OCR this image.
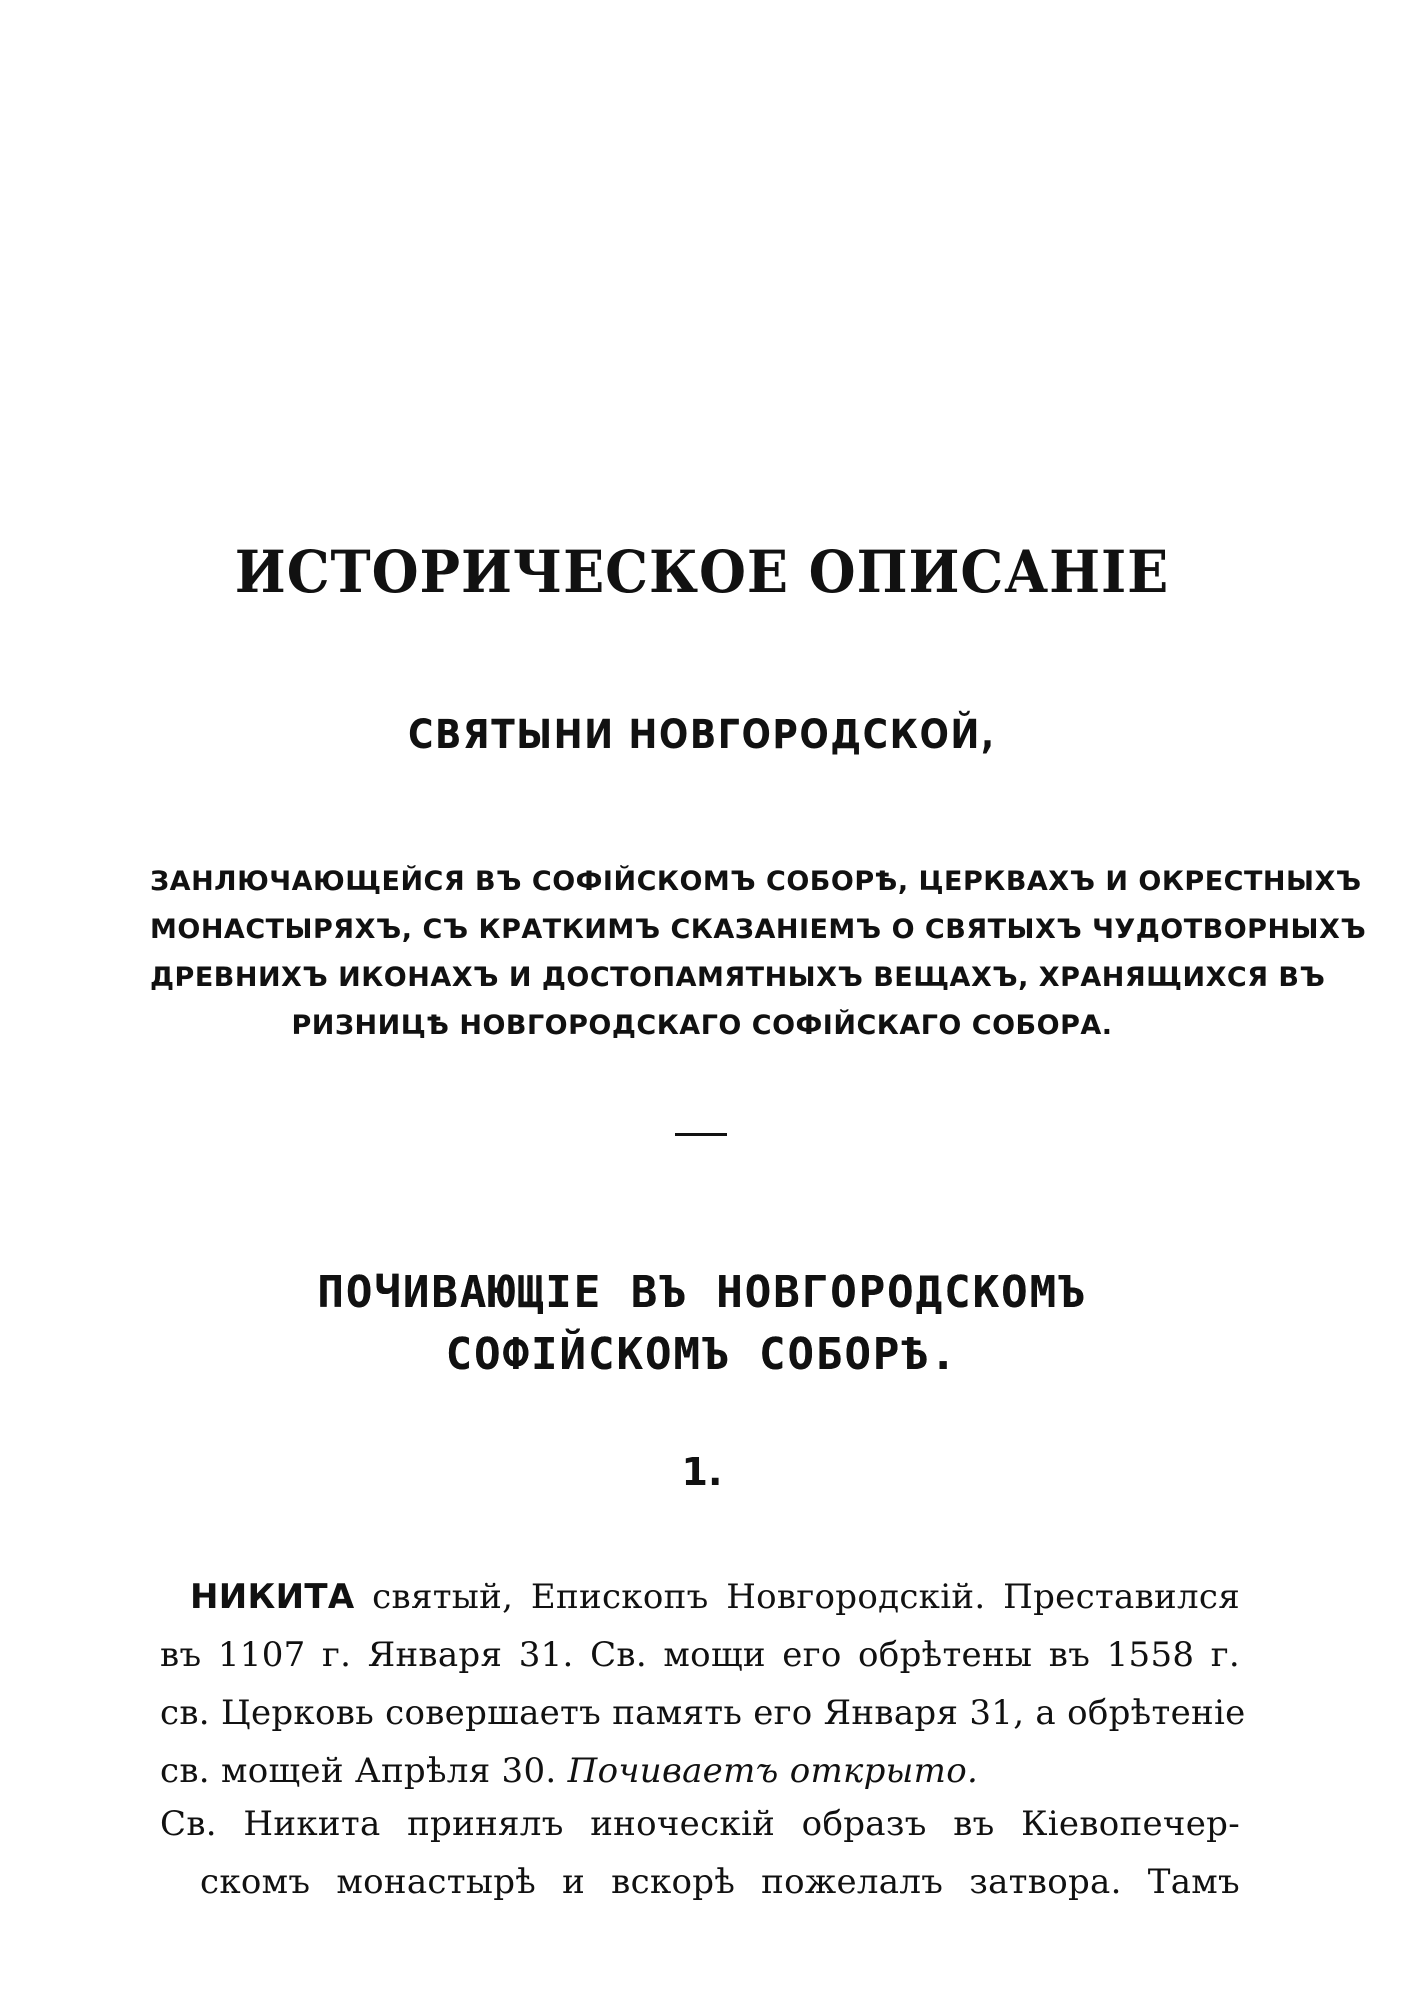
ИСТОРИЧЕСКОЕ ОПИСАНІЕ
СВЯТЫНИ НОВГОРОДСКОЙ,
ЗАНЛЮЧАЮЩЕЙСЯ ВЪ СОФІЙСКОМЪ СОБОРѢ, ЦЕРКВАХЪ И ОКРЕСТНЫХЪ
МОНАСТЫРЯХЪ, СЪ КРАТКИМЪ СКАЗАНІЕМЪ О СВЯТЫХЪ ЧУДОТВОРНЫХЪ
ДРЕВНИХЪ ИКОНАХЪ И ДОСТОПАМЯТНЫХЪ ВЕЩАХЪ, ХРАНЯЩИХСЯ ВЪ
РИЗНИЦѢ НОВГОРОДСКАГО СОФІЙСКАГО СОБОРА.
ПОЧИВАЮЩІЕ ВЪ НОВГОРОДСКОМЪ
СОФІЙСКОМЪ СОБОРѢ.
1.
НИКИТА святый, Епископъ Новгородскій. Преставился
въ 1107 г. Января 31. Св. мощи его обрѣтены въ 1558 г.
св. Церковь совершаетъ память его Января 31, а обрѣтеніе
св. мощей Апрѣля 30. Почиваетъ открыто.
Св. Никита принялъ иноческій образъ въ Кіевопечер-
скомъ монастырѣ и вскорѣ пожелалъ затвора. Тамъ
